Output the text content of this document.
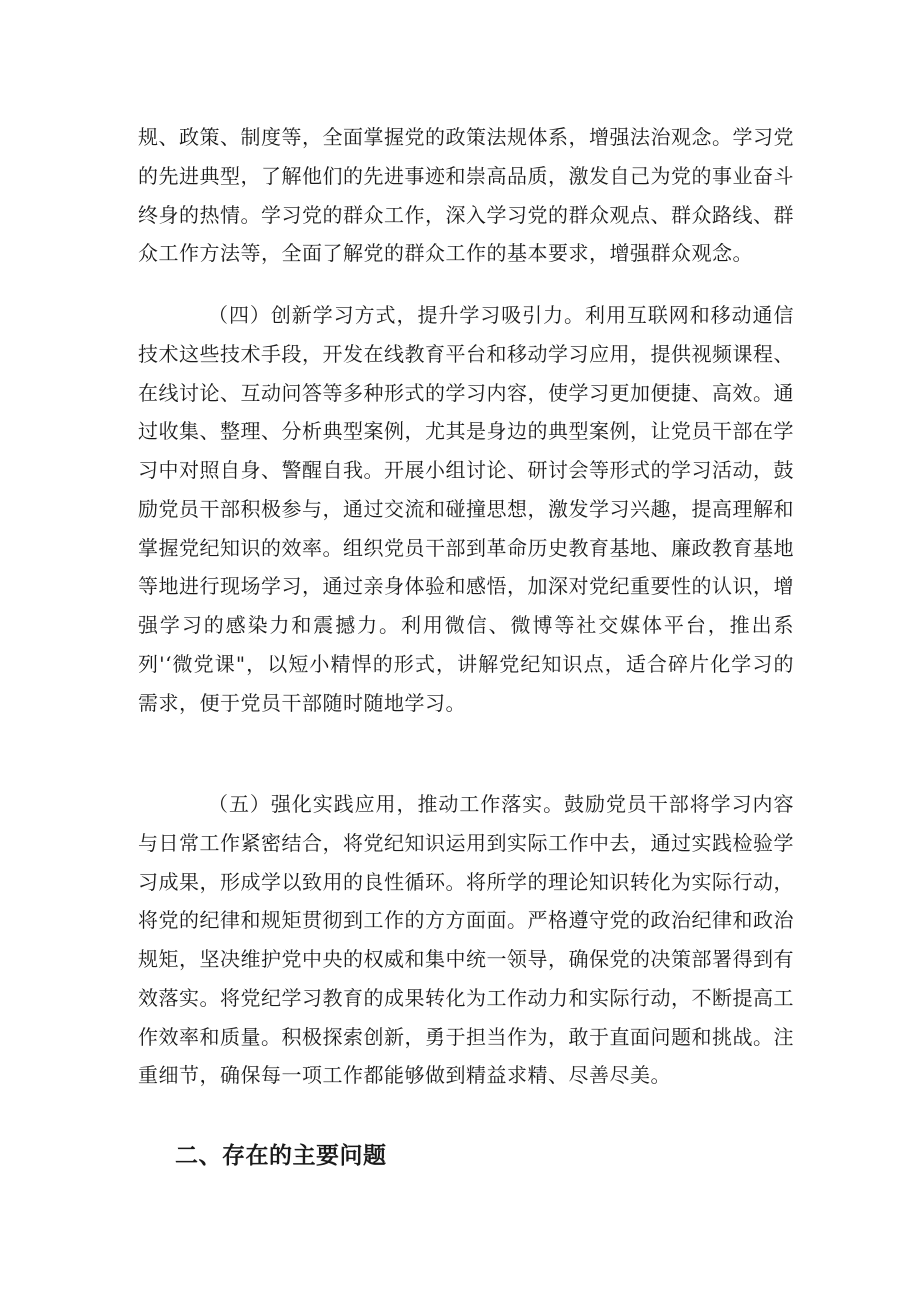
规、政策、制度等，全面掌握党的政策法规体系，增强法治观念。学习党的先进典型，了解他们的先进事迹和崇高品质，激发自己为党的事业奋斗终身的热情。学习党的群众工作，深入学习党的群众观点、群众路线、群众工作方法等，全面了解党的群众工作的基本要求，增强群众观念。

（四）创新学习方式，提升学习吸引力。利用互联网和移动通信技术这些技术手段，开发在线教育平台和移动学习应用，提供视频课程、在线讨论、互动问答等多种形式的学习内容，使学习更加便捷、高效。通过收集、整理、分析典型案例，尤其是身边的典型案例，让党员干部在学习中对照自身、警醒自我。开展小组讨论、研讨会等形式的学习活动，鼓励党员干部积极参与，通过交流和碰撞思想，激发学习兴趣，提高理解和掌握党纪知识的效率。组织党员干部到革命历史教育基地、廉政教育基地等地进行现场学习，通过亲身体验和感悟，加深对党纪重要性的认识，增强学习的感染力和震撼力。利用微信、微博等社交媒体平台，推出系列'‘微党课"，以短小精悍的形式，讲解党纪知识点，适合碎片化学习的需求，便于党员干部随时随地学习。

（五）强化实践应用，推动工作落实。鼓励党员干部将学习内容与日常工作紧密结合，将党纪知识运用到实际工作中去，通过实践检验学习成果，形成学以致用的良性循环。将所学的理论知识转化为实际行动，将党的纪律和规矩贯彻到工作的方方面面。严格遵守党的政治纪律和政治规矩，坚决维护党中央的权威和集中统一领导，确保党的决策部署得到有效落实。将党纪学习教育的成果转化为工作动力和实际行动，不断提高工作效率和质量。积极探索创新，勇于担当作为，敢于直面问题和挑战。注重细节，确保每一项工作都能够做到精益求精、尽善尽美。

二、存在的主要问题
